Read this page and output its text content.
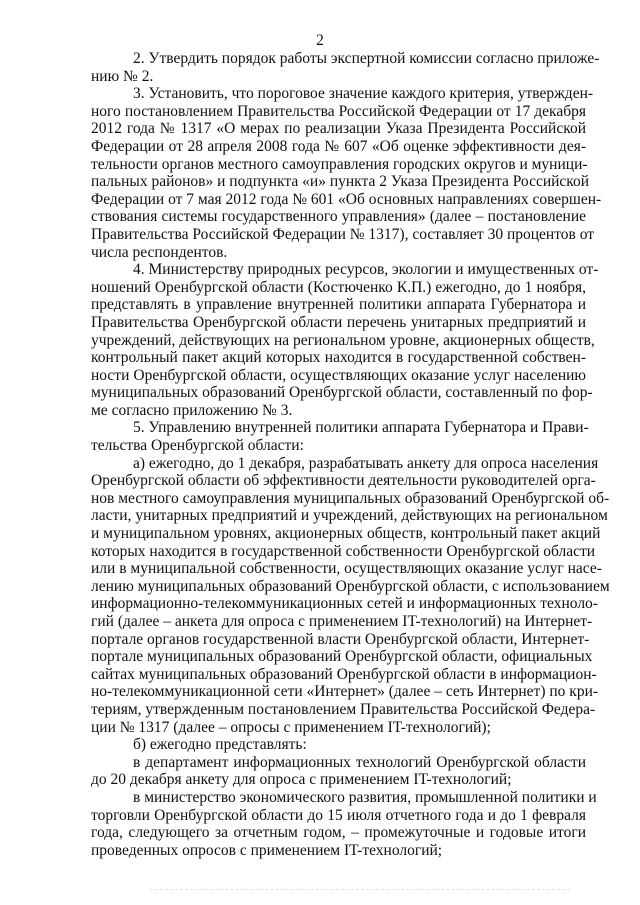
2
2. Утвердить порядок работы экспертной комиссии согласно приложе-
нию № 2.
3. Установить, что пороговое значение каждого критерия, утвержден-
ного постановлением Правительства Российской Федерации от 17 декабря
2012 года № 1317 «О мерах по реализации Указа Президента Российской
Федерации от 28 апреля 2008 года № 607 «Об оценке эффективности дея-
тельности органов местного самоуправления городских округов и муници-
пальных районов» и подпункта «и» пункта 2 Указа Президента Российской
Федерации от 7 мая 2012 года № 601 «Об основных направлениях совершен-
ствования системы государственного управления» (далее – постановление
Правительства Российской Федерации № 1317), составляет 30 процентов от
числа респондентов.
4. Министерству природных ресурсов, экологии и имущественных от-
ношений Оренбургской области (Костюченко К.П.) ежегодно, до 1 ноября,
представлять в управление внутренней политики аппарата Губернатора и
Правительства Оренбургской области перечень унитарных предприятий и
учреждений, действующих на региональном уровне, акционерных обществ,
контрольный пакет акций которых находится в государственной собствен-
ности Оренбургской области, осуществляющих оказание услуг населению
муниципальных образований Оренбургской области, составленный по фор-
ме согласно приложению № 3.
5. Управлению внутренней политики аппарата Губернатора и Прави-
тельства Оренбургской области:
а) ежегодно, до 1 декабря, разрабатывать анкету для опроса населения
Оренбургской области об эффективности деятельности руководителей орга-
нов местного самоуправления муниципальных образований Оренбургской об-
ласти, унитарных предприятий и учреждений, действующих на региональном
и муниципальном уровнях, акционерных обществ, контрольный пакет акций
которых находится в государственной собственности Оренбургской области
или в муниципальной собственности, осуществляющих оказание услуг насе-
лению муниципальных образований Оренбургской области, с использованием
информационно-телекоммуникационных сетей и информационных техноло-
гий (далее – анкета для опроса с применением IT-технологий) на Интернет-
портале органов государственной власти Оренбургской области, Интернет-
портале муниципальных образований Оренбургской области, официальных
сайтах муниципальных образований Оренбургской области в информацион-
но-телекоммуникационной сети «Интернет» (далее – сеть Интернет) по кри-
териям, утвержденным постановлением Правительства Российской Федера-
ции № 1317 (далее – опросы с применением IT-технологий);
б) ежегодно представлять:
в департамент информационных технологий Оренбургской области
до 20 декабря анкету для опроса с применением IT-технологий;
в министерство экономического развития, промышленной политики и
торговли Оренбургской области до 15 июля отчетного года и до 1 февраля
года, следующего за отчетным годом, – промежуточные и годовые итоги
проведенных опросов с применением IT-технологий;
